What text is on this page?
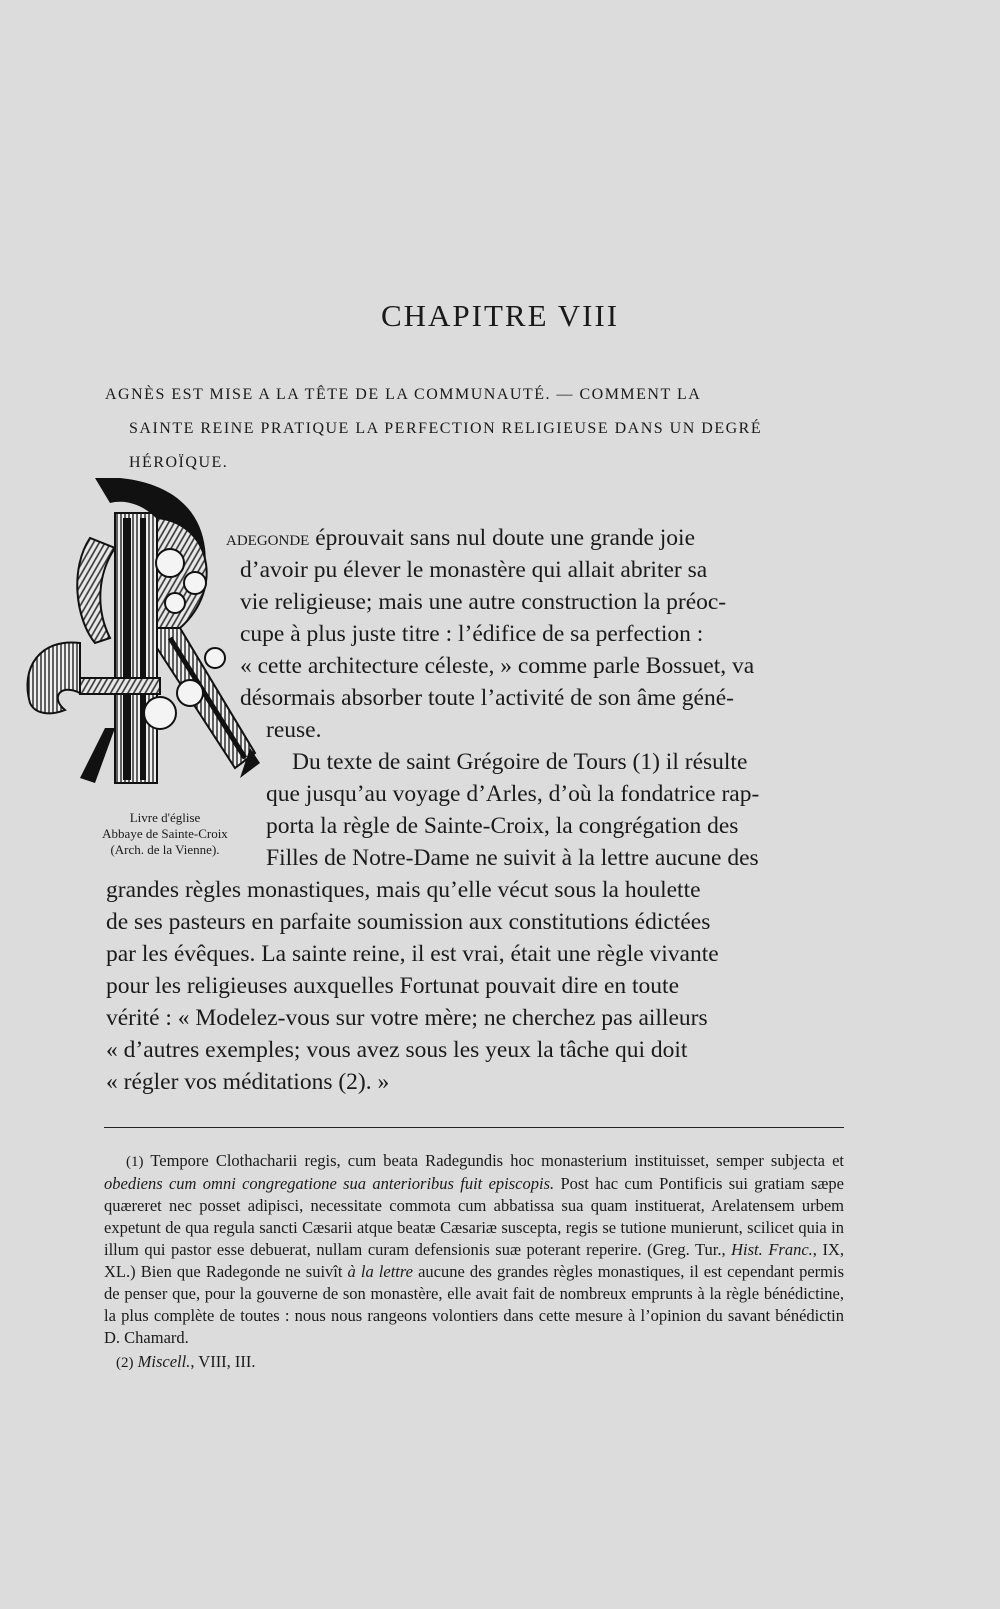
CHAPITRE VIII
AGNÈS EST MISE A LA TÊTE DE LA COMMUNAUTÉ. — COMMENT LA
SAINTE REINE PRATIQUE LA PERFECTION RELIGIEUSE DANS UN DEGRÉ
HÉROÏQUE.
R
Livre d'église
Abbaye de Sainte-Croix
(Arch. de la Vienne).
adegonde éprouvait sans nul doute une grande joie
d’avoir pu élever le monastère qui allait abriter sa
vie religieuse; mais une autre construction la préoc-
cupe à plus juste titre : l’édifice de sa perfection :
« cette architecture céleste, » comme parle Bossuet, va
désormais absorber toute l’activité de son âme géné-
reuse.
Du texte de saint Grégoire de Tours (1) il résulte
que jusqu’au voyage d’Arles, d’où la fondatrice rap-
porta la règle de Sainte-Croix, la congrégation des
Filles de Notre-Dame ne suivit à la lettre aucune des
grandes règles monastiques, mais qu’elle vécut sous la houlette
de ses pasteurs en parfaite soumission aux constitutions édictées
par les évêques. La sainte reine, il est vrai, était une règle vivante
pour les religieuses auxquelles Fortunat pouvait dire en toute
vérité : « Modelez-vous sur votre mère; ne cherchez pas ailleurs
« d’autres exemples; vous avez sous les yeux la tâche qui doit
« régler vos méditations (2). »
(1) Tempore Clothacharii regis, cum beata Radegundis hoc monasterium instituisset, semper subjecta et obediens cum omni congregatione sua anterioribus fuit episcopis. Post hac cum Pontificis sui gratiam sæpe quæreret nec posset adipisci, necessitate commota cum abbatissa sua quam instituerat, Arelatensem urbem expetunt de qua regula sancti Cæsarii atque beatæ Cæsariæ suscepta, regis se tutione munierunt, scilicet quia in illum qui pastor esse debuerat, nullam curam defensionis suæ poterant reperire. (Greg. Tur., Hist. Franc., IX, XL.) Bien que Radegonde ne suivît à la lettre aucune des grandes règles monastiques, il est cependant permis de penser que, pour la gouverne de son monastère, elle avait fait de nombreux emprunts à la règle bénédictine, la plus complète de toutes : nous nous rangeons volontiers dans cette mesure à l’opinion du savant bénédictin D. Chamard.
(2) Miscell., VIII, III.
